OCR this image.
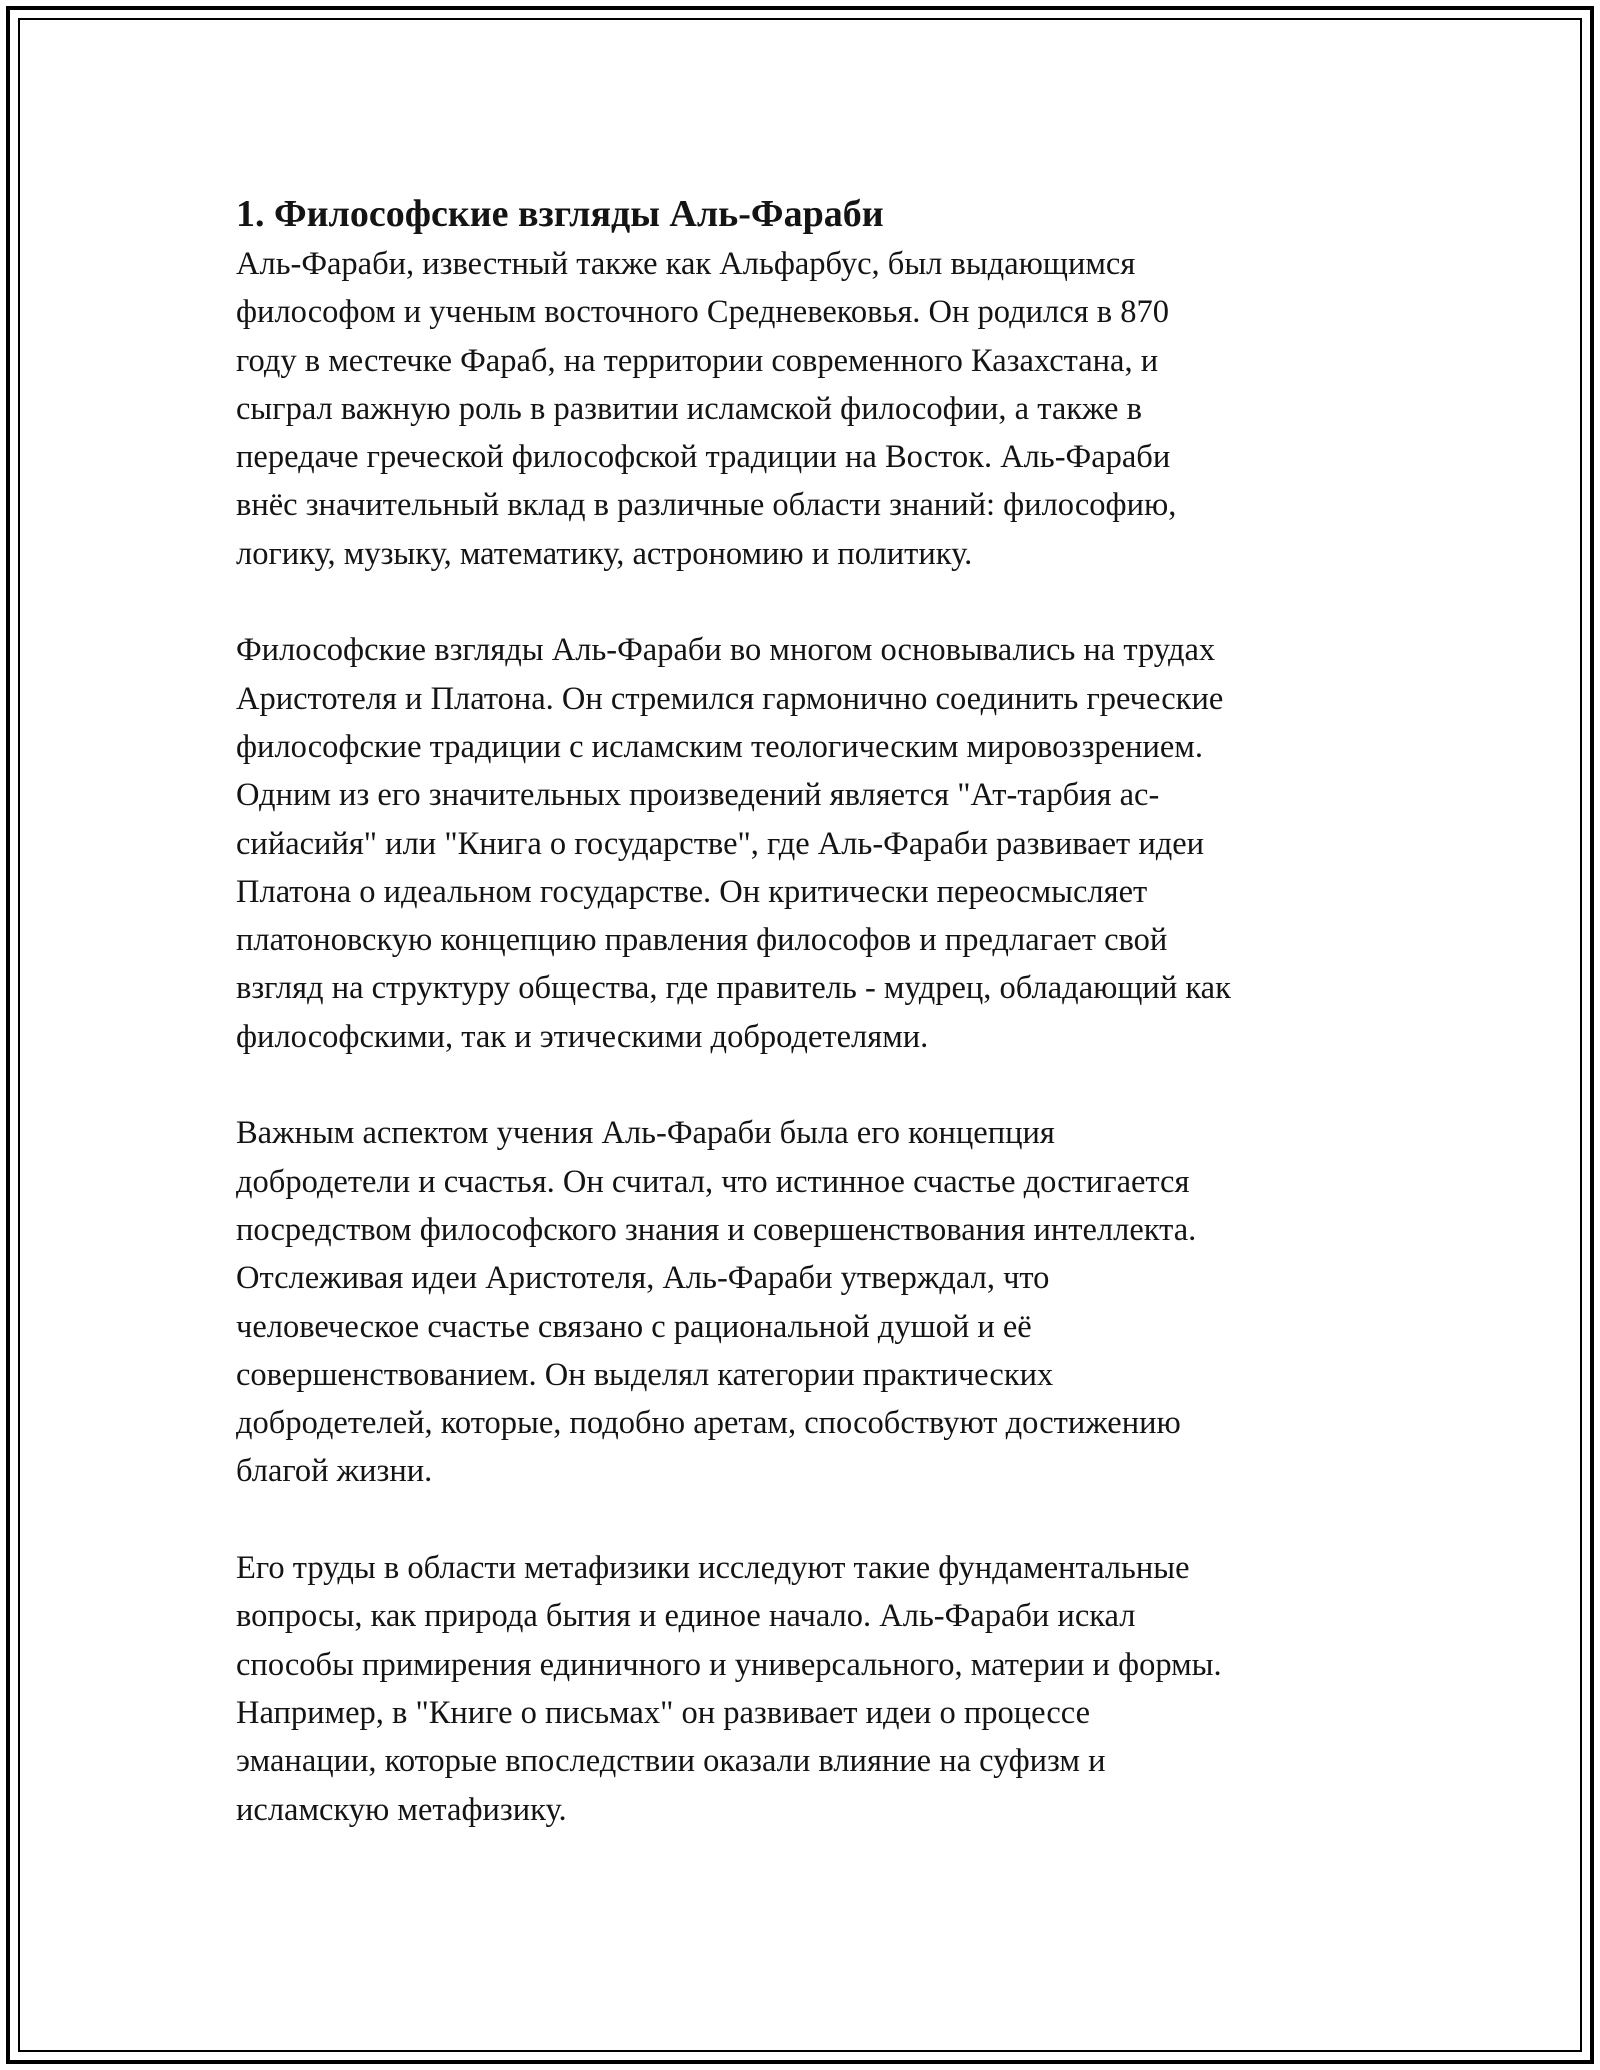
1. Философские взгляды Аль-Фараби

Аль-Фараби, известный также как Альфарбус, был выдающимся
философом и ученым восточного Средневековья. Он родился в 870
году в местечке Фараб, на территории современного Казахстана, и
сыграл важную роль в развитии исламской философии, а также в
передаче греческой философской традиции на Восток. Аль-Фараби
внёс значительный вклад в различные области знаний: философию,
логику, музыку, математику, астрономию и политику.

Философские взгляды Аль-Фараби во многом основывались на трудах
Аристотеля и Платона. Он стремился гармонично соединить греческие
философские традиции с исламским теологическим мировоззрением.
Одним из его значительных произведений является "Ат-тарбия ас-
сийасийя" или "Книга о государстве", где Аль-Фараби развивает идеи
Платона о идеальном государстве. Он критически переосмысляет
платоновскую концепцию правления философов и предлагает свой
взгляд на структуру общества, где правитель - мудрец, обладающий как
философскими, так и этическими добродетелями.

Важным аспектом учения Аль-Фараби была его концепция
добродетели и счастья. Он считал, что истинное счастье достигается
посредством философского знания и совершенствования интеллекта.
Отслеживая идеи Аристотеля, Аль-Фараби утверждал, что
человеческое счастье связано с рациональной душой и её
совершенствованием. Он выделял категории практических
добродетелей, которые, подобно аретам, способствуют достижению
благой жизни.

Его труды в области метафизики исследуют такие фундаментальные
вопросы, как природа бытия и единое начало. Аль-Фараби искал
способы примирения единичного и универсального, материи и формы.
Например, в "Книге о письмах" он развивает идеи о процессе
эманации, которые впоследствии оказали влияние на суфизм и
исламскую метафизику.
